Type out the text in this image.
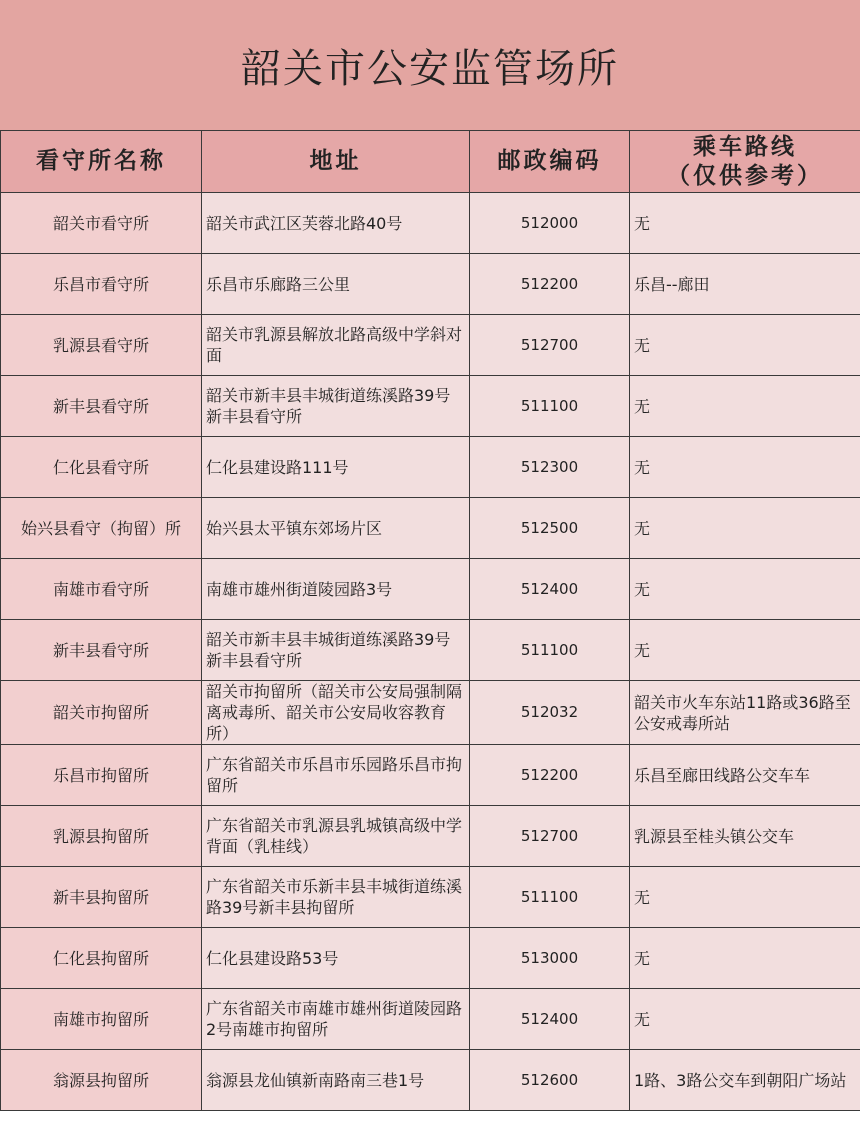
韶关市公安监管场所
看守所名称	地址	邮政编码	乘车路线
（仅供参考）

韶关市看守所	韶关市武江区芙蓉北路40号	512000	无
乐昌市看守所	乐昌市乐廊路三公里	512200	乐昌--廊田
乳源县看守所	韶关市乳源县解放北路高级中学斜对面	512700	无
新丰县看守所	韶关市新丰县丰城街道练溪路39号新丰县看守所	511100	无
仁化县看守所	仁化县建设路111号	512300	无
始兴县看守（拘留）所	始兴县太平镇东郊场片区	512500	无
南雄市看守所	南雄市雄州街道陵园路3号	512400	无
新丰县看守所	韶关市新丰县丰城街道练溪路39号新丰县看守所	511100	无
韶关市拘留所	韶关市拘留所（韶关市公安局强制隔离戒毒所、韶关市公安局收容教育所）	512032	韶关市火车东站11路或36路至公安戒毒所站
乐昌市拘留所	广东省韶关市乐昌市乐园路乐昌市拘留所	512200	乐昌至廊田线路公交车车
乳源县拘留所	广东省韶关市乳源县乳城镇高级中学背面（乳桂线）	512700	乳源县至桂头镇公交车
新丰县拘留所	广东省韶关市乐新丰县丰城街道练溪路39号新丰县拘留所	511100	无
仁化县拘留所	仁化县建设路53号	513000	无
南雄市拘留所	广东省韶关市南雄市雄州街道陵园路2号南雄市拘留所	512400	无
翁源县拘留所	翁源县龙仙镇新南路南三巷1号	512600	1路、3路公交车到朝阳广场站
